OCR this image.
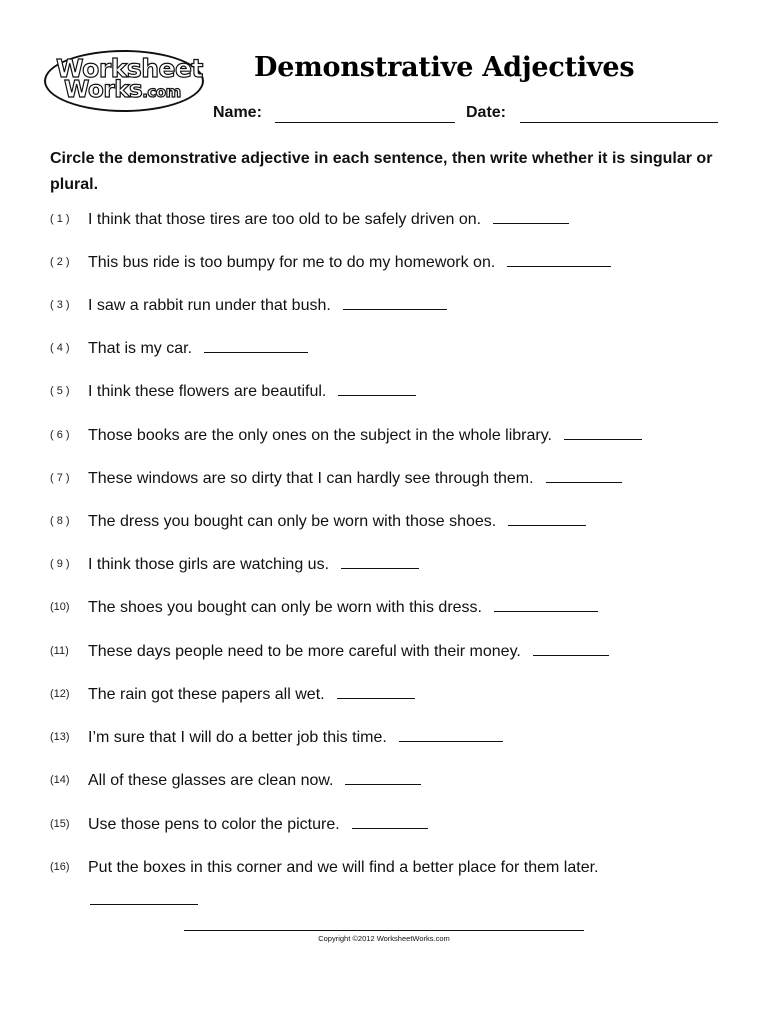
Worksheet
Works.com
Demonstrative Adjectives
Name:	Date:
Circle the demonstrative adjective in each sentence, then write whether it is singular or plural.
( 1 )	I think that those tires are too old to be safely driven on.
( 2 )	This bus ride is too bumpy for me to do my homework on.
( 3 )	I saw a rabbit run under that bush.
( 4 )	That is my car.
( 5 )	I think these flowers are beautiful.
( 6 )	Those books are the only ones on the subject in the whole library.
( 7 )	These windows are so dirty that I can hardly see through them.
( 8 )	The dress you bought can only be worn with those shoes.
( 9 )	I think those girls are watching us.
(10)	The shoes you bought can only be worn with this dress.
(11)	These days people need to be more careful with their money.
(12)	The rain got these papers all wet.
(13)	I’m sure that I will do a better job this time.
(14)	All of these glasses are clean now.
(15)	Use those pens to color the picture.
(16)	Put the boxes in this corner and we will find a better place for them later.
Copyright ©2012 WorksheetWorks.com
